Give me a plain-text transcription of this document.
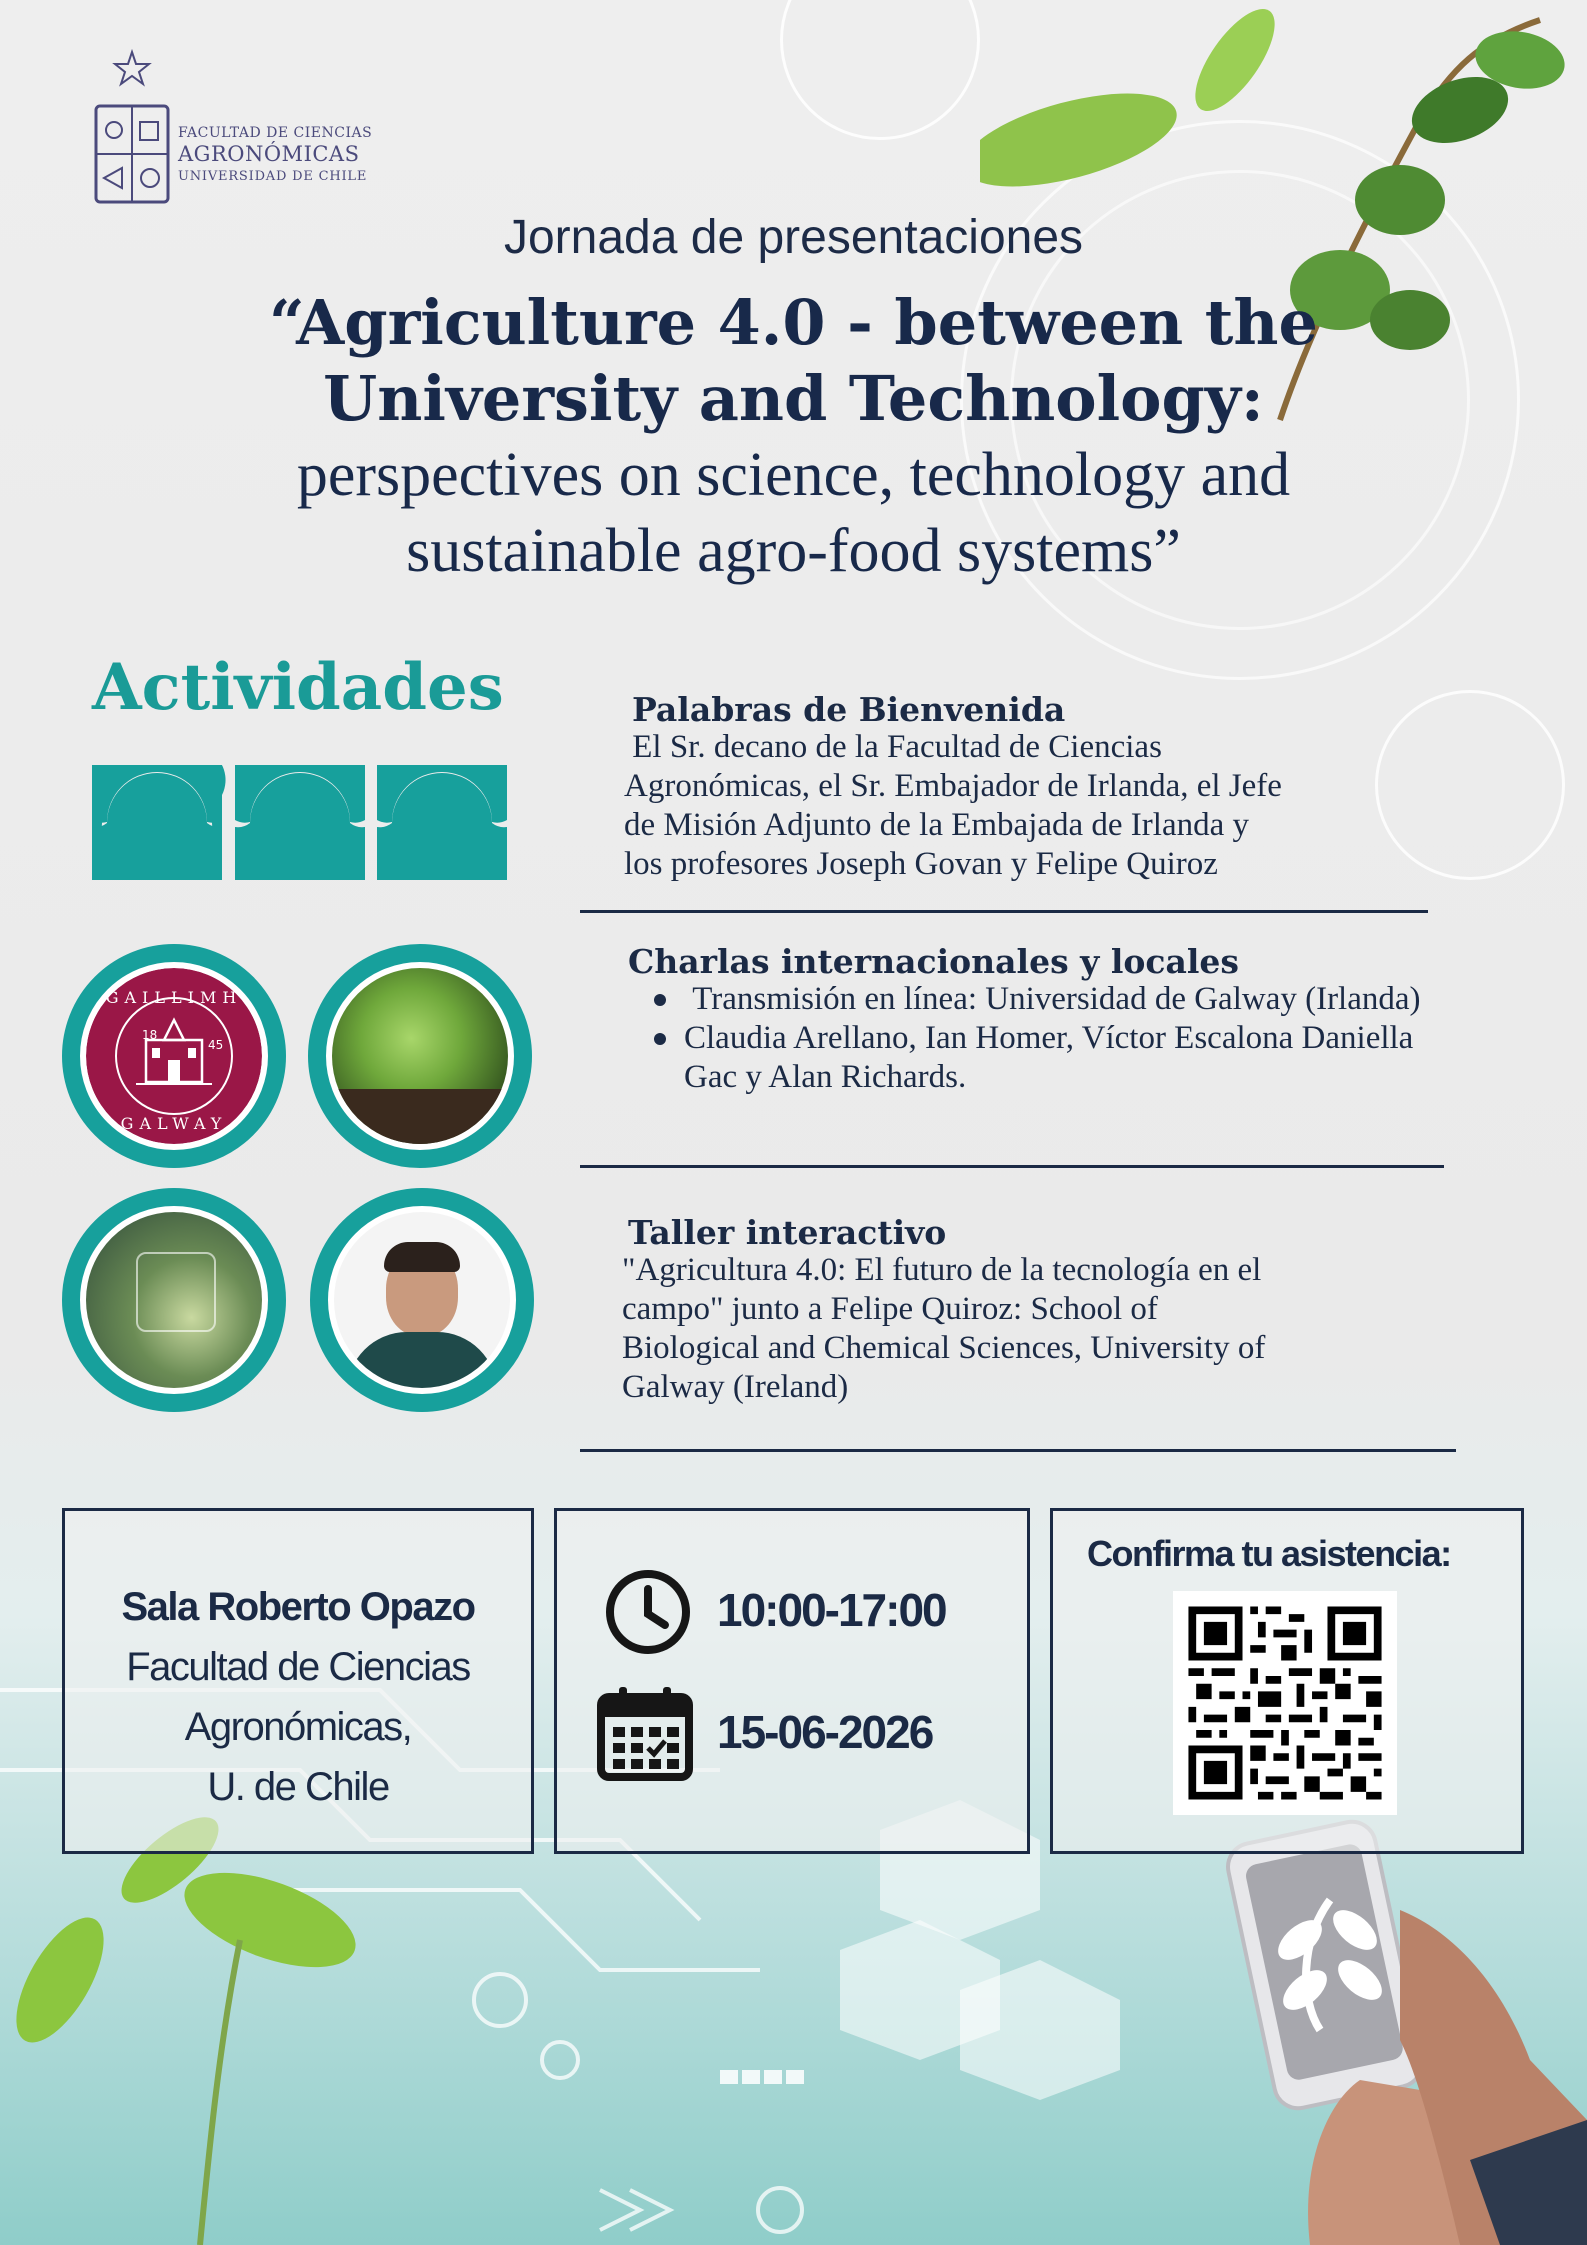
FACULTAD DE CIENCIAS
AGRONÓMICAS
UNIVERSIDAD DE CHILE
Jornada de presentaciones
“Agriculture 4.0 - between the
University and Technology:
perspectives on science, technology and
sustainable agro-food systems”
Actividades
GAILLIMH
GALWAY
18
45
Palabras de Bienvenida
El Sr. decano de la Facultad de Ciencias
Agronómicas, el Sr. Embajador de Irlanda, el Jefe
de Misión Adjunto de la Embajada de Irlanda y
los profesores Joseph Govan y Felipe Quiroz
Charlas internacionales y locales
Transmisión en línea: Universidad de Galway (Irlanda)
Claudia Arellano, Ian Homer, Víctor Escalona Daniella Gac y Alan Richards.
Taller interactivo
"Agricultura 4.0: El futuro de la tecnología en el
campo" junto a Felipe Quiroz: School of
Biological and Chemical Sciences, University of
Galway (Ireland)
Sala Roberto Opazo
Facultad de Ciencias
Agronómicas,
U. de Chile
10:00-17:00
15-06-2026
Confirma tu asistencia:
